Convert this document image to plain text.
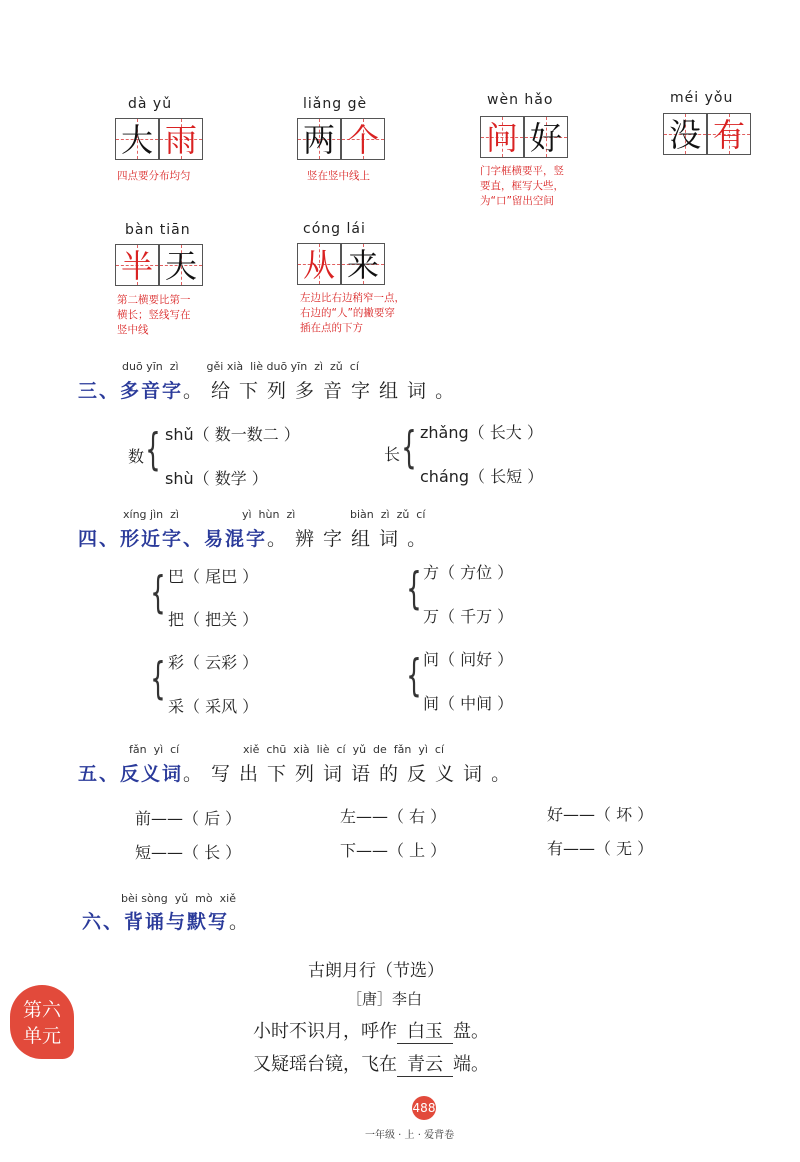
dà yǔ
大 雨
四点要分布均匀
liǎng gè
两 个
竖在竖中线上
wèn hǎo
问 好
门字框横要平，竖
要直，框写大些，
为“口”留出空间
méi yǒu
没 有
bàn tiān
半 天
第二横要比第一
横长；竖线写在
竖中线
cóng lái
从 来
左边比右边稍窄一点，
右边的“人”的撇要穿
插在点的下方
duō yīn  zì        gěi xià  liè duō yīn  zì  zǔ  cí
三、多音字。给下列多音字组词。
数 { shǔ（ 数一数二 ）
shù（ 数学 ）
长 { zhǎng（ 长大 ）
cháng（ 长短 ）
xíng jìn  zì	yì  hùn  zì	biàn  zì  zǔ  cí
四、形近字、易混字。辨字组词。
{ 巴（ 尾巴 ）
把（ 把关 ）
{ 方（ 方位 ）
万（ 千万 ）
{ 彩（ 云彩 ）
采（ 采风 ）
{ 问（ 问好 ）
间（ 中间 ）
fǎn  yì  cí	xiě  chū  xià  liè  cí  yǔ  de  fǎn  yì  cí
五、反义词。写出下列词语的反义词。
前——（ 后 ）	左——（ 右 ）	好——（ 坏 ）
短——（ 长 ）	下——（ 上 ）	有——（ 无 ）
bèi sòng  yǔ  mò  xiě
六、背诵与默写。
古朗月行（节选）
［唐］李白
小时不识月，呼作 白玉 盘。
又疑瑶台镜，飞在 青云 端。
第六
单元
488
一年级 · 上 · 爱背卷
